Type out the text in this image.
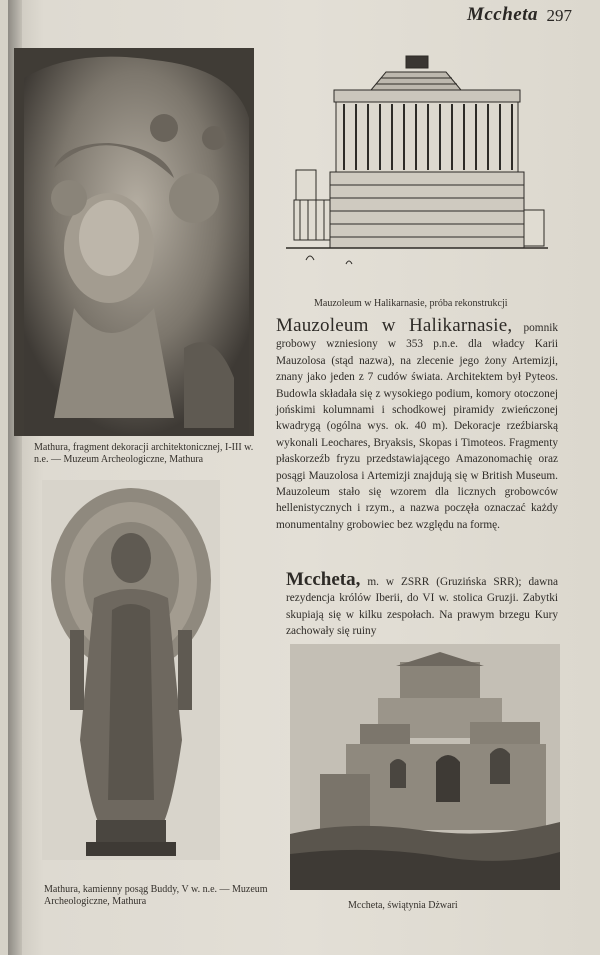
Mccheta 297
Mathura, fragment dekoracji architektonicznej, I-III w. n.e. — Muzeum Archeologiczne, Mathura
Mauzoleum w Halikarnasie, próba rekonstrukcji
Mauzoleum w Halikarnasie, pomnik grobowy wzniesiony w 353 p.n.e. dla władcy Karii Mauzolosa (stąd nazwa), na zlecenie jego żony Artemizji, znany jako jeden z 7 cudów świata. Architektem był Pyteos. Budowla składała się z wysokiego podium, komory otoczonej jońskimi kolumnami i schodkowej piramidy zwieńczonej kwadrygą (ogólna wys. ok. 40 m). Dekoracje rzeźbiarską wykonali Leochares, Bryaksis, Skopas i Timoteos. Fragmenty płaskorzeźb fryzu przedstawiającego Amazonomachię oraz posągi Mauzolosa i Artemizji znajdują się w British Museum. Mauzoleum stało się wzorem dla licznych grobowców hellenistycznych i rzym., a nazwa poczęła oznaczać każdy monumentalny grobowiec bez względu na formę.
Mathura, kamienny posąg Buddy, V w. n.e. — Muzeum Archeologiczne, Mathura
Mccheta, m. w ZSRR (Gruzińska SRR); dawna rezydencja królów Iberii, do VI w. stolica Gruzji. Zabytki skupiają się w kilku zespołach. Na prawym brzegu Kury zachowały się ruiny
Mccheta, świątynia Dżwari
